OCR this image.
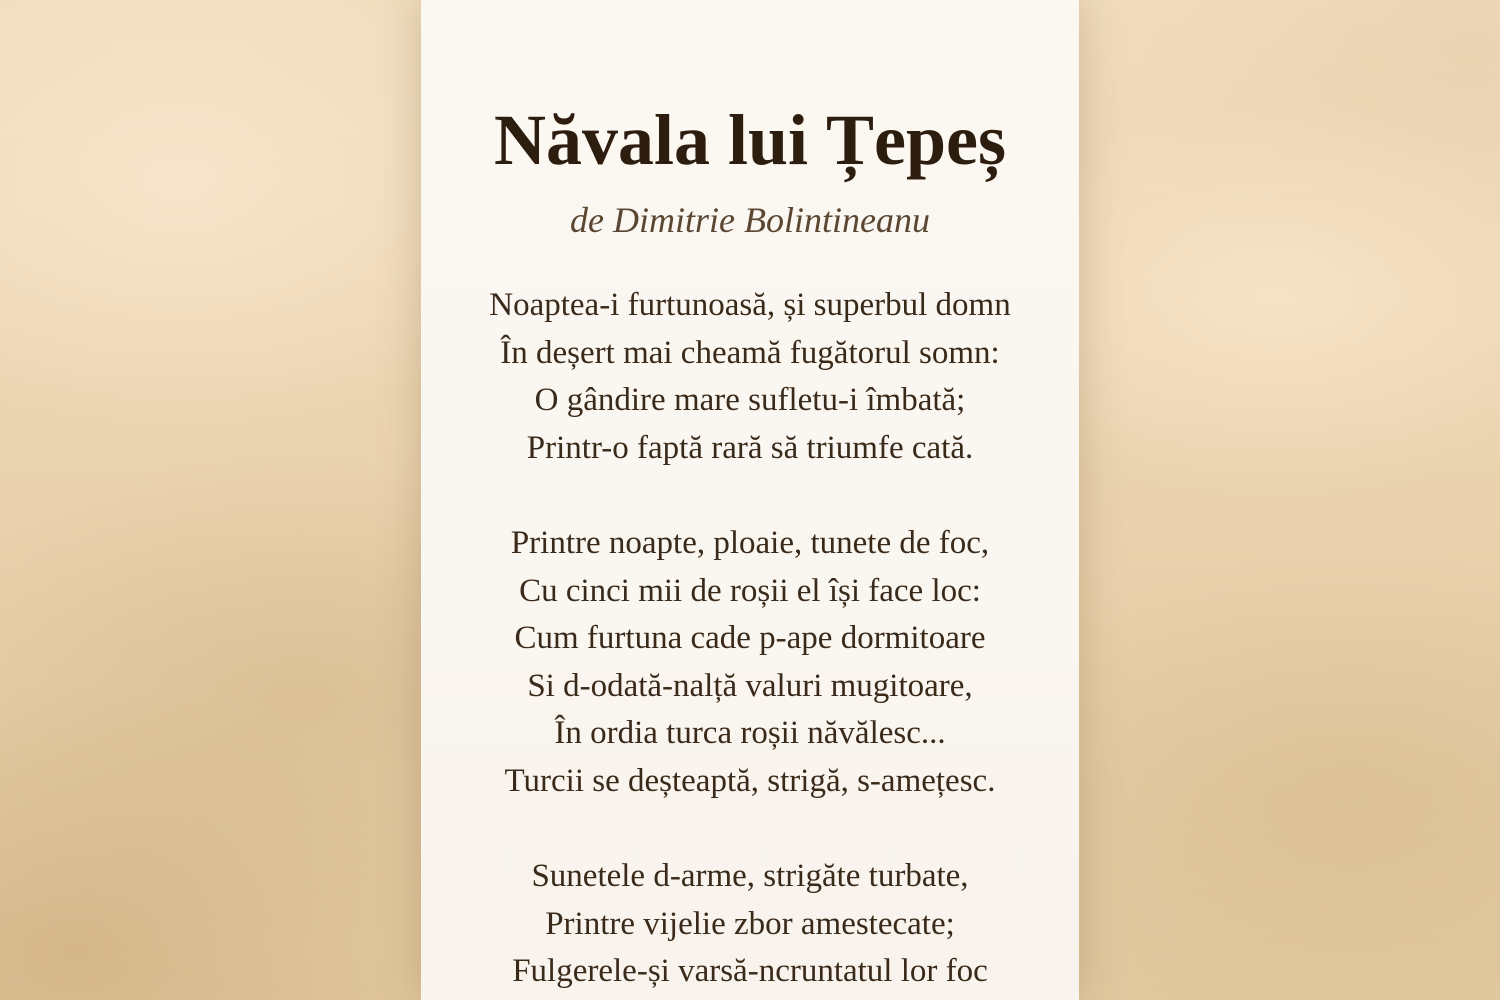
Năvala lui Țepeș
de Dimitrie Bolintineanu
Noaptea-i furtunoasă, și superbul domn
În deșert mai cheamă fugătorul somn:
O gândire mare sufletu-i îmbată;
Printr-o faptă rară să triumfe cată.
Printre noapte, ploaie, tunete de foc,
Cu cinci mii de roșii el își face loc:
Cum furtuna cade p-ape dormitoare
Si d-odată-nalță valuri mugitoare,
În ordia turca roșii năvălesc...
Turcii se deșteaptă, strigă, s-amețesc.
Sunetele d-arme, strigăte turbate,
Printre vijelie zbor amestecate;
Fulgerele-și varsă-ncruntatul lor foc
